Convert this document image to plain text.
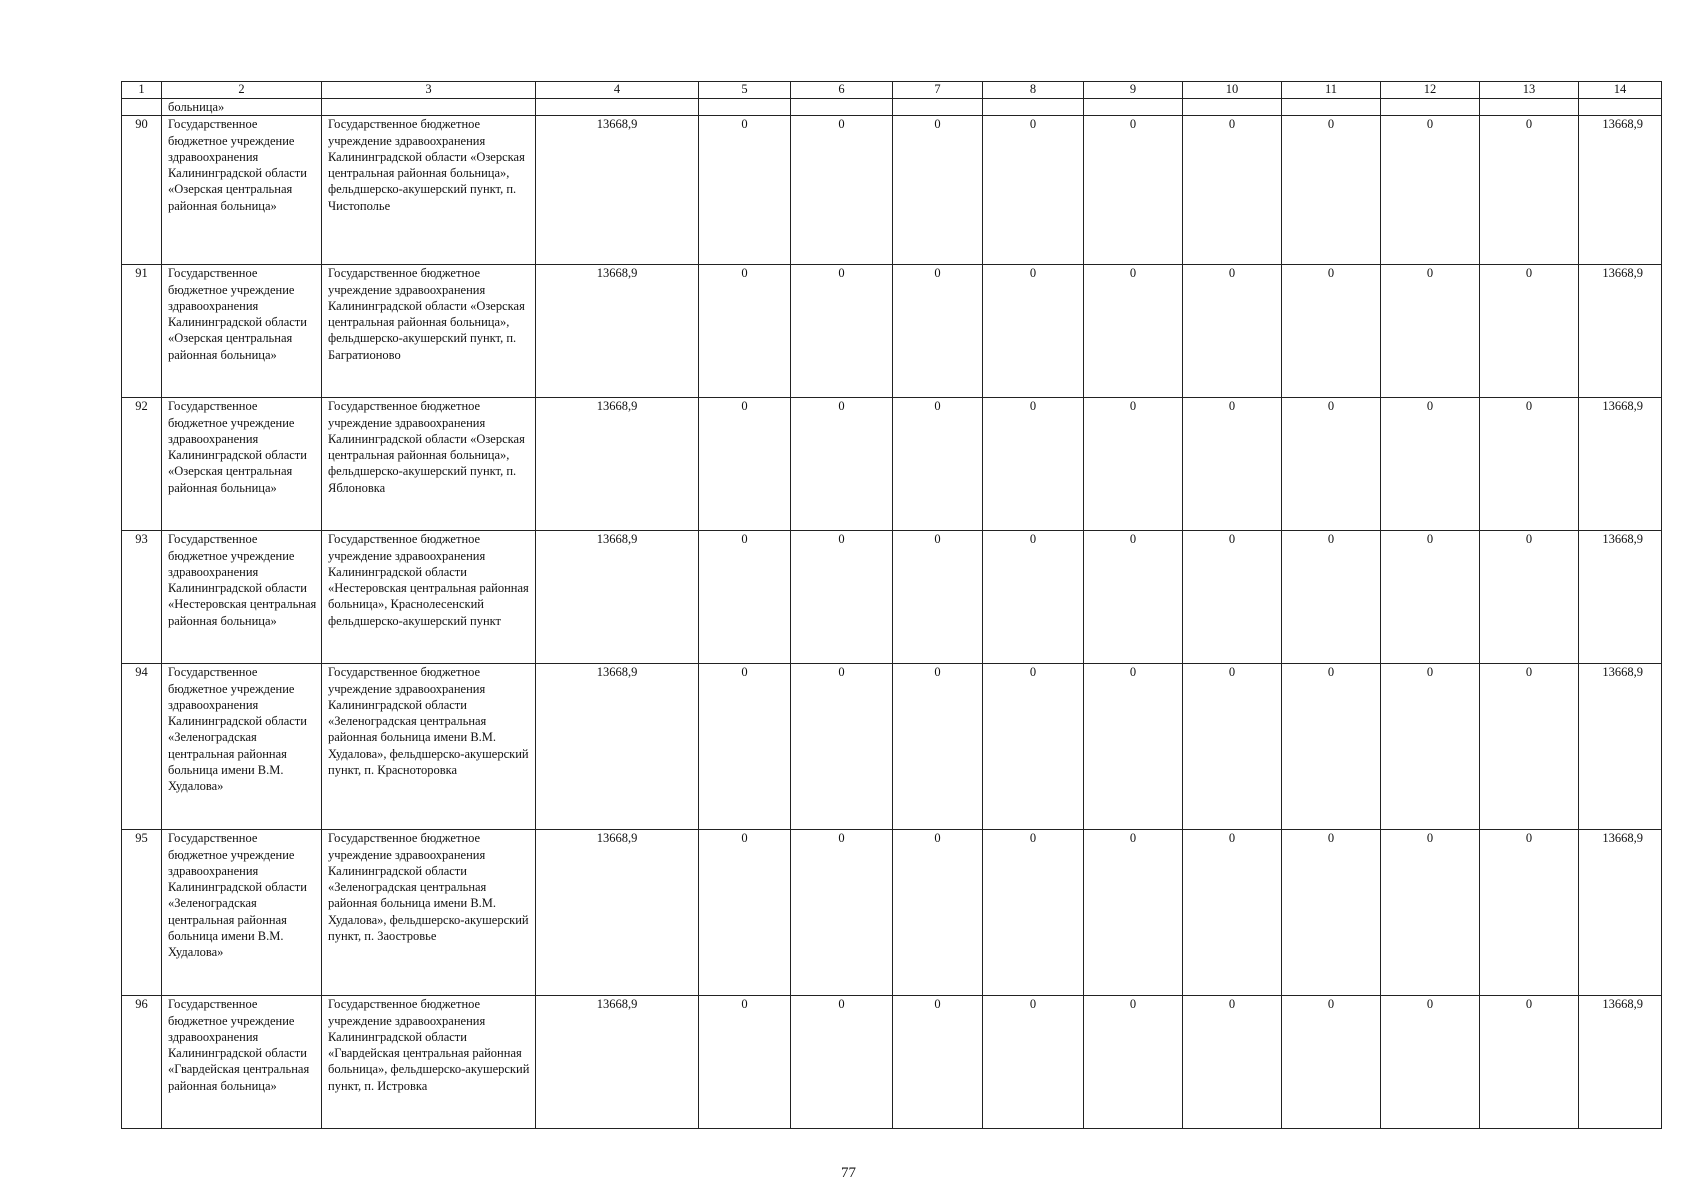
1	2	3	4	5	6	7	8	9	10	11	12	13	14
	больница»												
90	Государственное бюджетное учреждение здравоохранения Калининградской области «Озерская центральная районная больница»	Государственное бюджетное учреждение здравоохранения Калининградской области «Озерская центральная районная больница», фельдшерско-акушерский пункт, п. Чистополье	13668,9	0	0	0	0	0	0	0	0	0	13668,9
91	Государственное бюджетное учреждение здравоохранения Калининградской области «Озерская центральная районная больница»	Государственное бюджетное учреждение здравоохранения Калининградской области «Озерская центральная районная больница», фельдшерско-акушерский пункт, п. Багратионово	13668,9	0	0	0	0	0	0	0	0	0	13668,9
92	Государственное бюджетное учреждение здравоохранения Калининградской области «Озерская центральная районная больница»	Государственное бюджетное учреждение здравоохранения Калининградской области «Озерская центральная районная больница», фельдшерско-акушерский пункт, п. Яблоновка	13668,9	0	0	0	0	0	0	0	0	0	13668,9
93	Государственное бюджетное учреждение здравоохранения Калининградской области «Нестеровская центральная районная больница»	Государственное бюджетное учреждение здравоохранения Калининградской области «Нестеровская центральная районная больница», Краснолесенский фельдшерско-акушерский пункт	13668,9	0	0	0	0	0	0	0	0	0	13668,9
94	Государственное бюджетное учреждение здравоохранения Калининградской области «Зеленоградская центральная районная больница имени В.М. Худалова»	Государственное бюджетное учреждение здравоохранения Калининградской области «Зеленоградская центральная районная больница имени В.М. Худалова», фельдшерско-акушерский пункт, п. Красноторовка	13668,9	0	0	0	0	0	0	0	0	0	13668,9
95	Государственное бюджетное учреждение здравоохранения Калининградской области «Зеленоградская центральная районная больница имени В.М. Худалова»	Государственное бюджетное учреждение здравоохранения Калининградской области «Зеленоградская центральная районная больница имени В.М. Худалова», фельдшерско-акушерский пункт, п. Заостровье	13668,9	0	0	0	0	0	0	0	0	0	13668,9
96	Государственное бюджетное учреждение здравоохранения Калининградской области «Гвардейская центральная районная больница»	Государственное бюджетное учреждение здравоохранения Калининградской области «Гвардейская центральная районная больница», фельдшерско-акушерский пункт, п. Истровка	13668,9	0	0	0	0	0	0	0	0	0	13668,9
77
